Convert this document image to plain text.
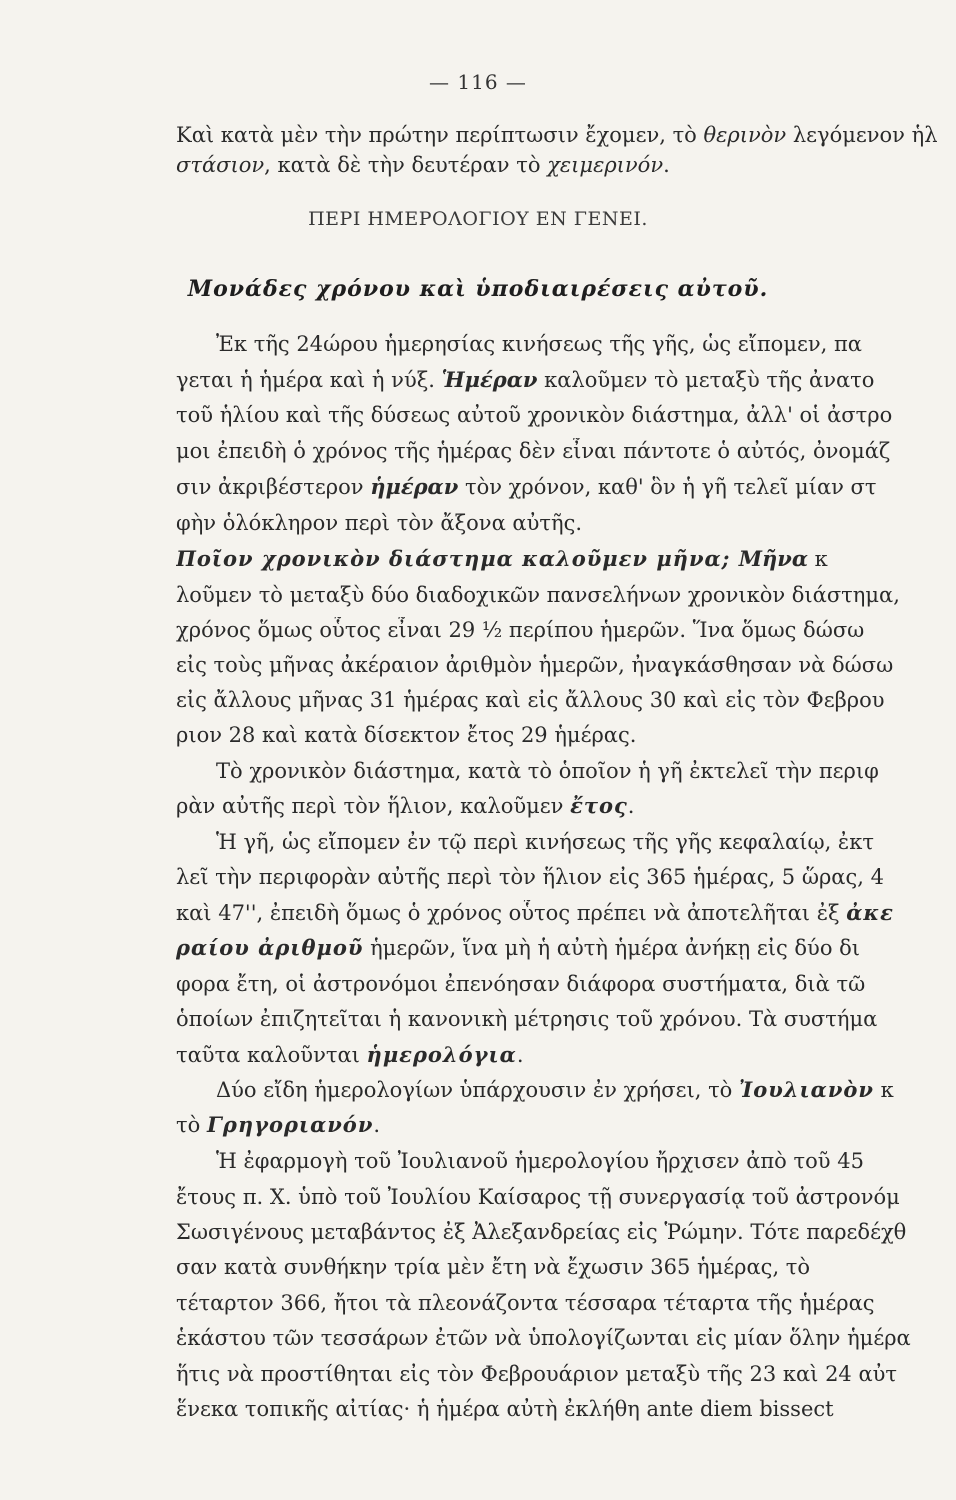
— 116 —
Καὶ κατὰ μὲν τὴν πρώτην περίπτωσιν ἔχομεν, τὸ θερινὸν λεγόμενον ἡλ
στάσιον, κατὰ δὲ τὴν δευτέραν τὸ χειμερινόν.
ΠΕΡΙ ΗΜΕΡΟΛΟΓΙΟΥ ΕΝ ΓΕΝΕΙ.
Μονάδες χρόνου καὶ ὑποδιαιρέσεις αὐτοῦ.
Ἐκ τῆς 24ώρου ἡμερησίας κινήσεως τῆς γῆς, ὡς εἴπομεν, πα
γεται ἡ ἡμέρα καὶ ἡ νύξ. Ἡμέραν καλοῦμεν τὸ μεταξὺ τῆς ἀνατο
τοῦ ἡλίου καὶ τῆς δύσεως αὐτοῦ χρονικὸν διάστημα, ἀλλ' οἱ ἀστρο
μοι ἐπειδὴ ὁ χρόνος τῆς ἡμέρας δὲν εἶναι πάντοτε ὁ αὐτός, ὀνομάζ
σιν ἀκριβέστερον ἡμέραν τὸν χρόνον, καθ' ὃν ἡ γῆ τελεῖ μίαν στ
φὴν ὁλόκληρον περὶ τὸν ἄξονα αὐτῆς.
Ποῖον χρονικὸν διάστημα καλοῦμεν μῆνα; Μῆνα κ
λοῦμεν τὸ μεταξὺ δύο διαδοχικῶν πανσελήνων χρονικὸν διάστημα,
χρόνος ὅμως οὗτος εἶναι 29 ½ περίπου ἡμερῶν. Ἵνα ὅμως δώσω
εἰς τοὺς μῆνας ἀκέραιον ἀριθμὸν ἡμερῶν, ἠναγκάσθησαν νὰ δώσω
εἰς ἄλλους μῆνας 31 ἡμέρας καὶ εἰς ἄλλους 30 καὶ εἰς τὸν Φεβρου
ριον 28 καὶ κατὰ δίσεκτον ἔτος 29 ἡμέρας.
Τὸ χρονικὸν διάστημα, κατὰ τὸ ὁποῖον ἡ γῆ ἐκτελεῖ τὴν περιφ
ρὰν αὐτῆς περὶ τὸν ἥλιον, καλοῦμεν ἔτος.
Ἡ γῆ, ὡς εἴπομεν ἐν τῷ περὶ κινήσεως τῆς γῆς κεφαλαίῳ, ἐκτ
λεῖ τὴν περιφορὰν αὐτῆς περὶ τὸν ἥλιον εἰς 365 ἡμέρας, 5 ὥρας, 4
καὶ 47'', ἐπειδὴ ὅμως ὁ χρόνος οὗτος πρέπει νὰ ἀποτελῆται ἐξ ἀκε
ραίου ἀριθμοῦ ἡμερῶν, ἵνα μὴ ἡ αὐτὴ ἡμέρα ἀνήκῃ εἰς δύο δι
φορα ἔτη, οἱ ἀστρονόμοι ἐπενόησαν διάφορα συστήματα, διὰ τῶ
ὁποίων ἐπιζητεῖται ἡ κανονικὴ μέτρησις τοῦ χρόνου. Τὰ συστήμα
ταῦτα καλοῦνται ἡμερολόγια.
Δύο εἴδη ἡμερολογίων ὑπάρχουσιν ἐν χρήσει, τὸ Ἰουλιανὸν κ
τὸ Γρηγοριανόν.
Ἡ ἐφαρμογὴ τοῦ Ἰουλιανοῦ ἡμερολογίου ἤρχισεν ἀπὸ τοῦ 45
ἔτους π. Χ. ὑπὸ τοῦ Ἰουλίου Καίσαρος τῇ συνεργασίᾳ τοῦ ἀστρονόμ
Σωσιγένους μεταβάντος ἐξ Ἀλεξανδρείας εἰς Ῥώμην. Τότε παρεδέχθ
σαν κατὰ συνθήκην τρία μὲν ἔτη νὰ ἔχωσιν 365 ἡμέρας, τὸ
τέταρτον 366, ἤτοι τὰ πλεονάζοντα τέσσαρα τέταρτα τῆς ἡμέρας
ἑκάστου τῶν τεσσάρων ἐτῶν νὰ ὑπολογίζωνται εἰς μίαν ὅλην ἡμέρα
ἥτις νὰ προστίθηται εἰς τὸν Φεβρουάριον μεταξὺ τῆς 23 καὶ 24 αὐτ
ἕνεκα τοπικῆς αἰτίας· ἡ ἡμέρα αὐτὴ ἐκλήθη ante diem bissect
